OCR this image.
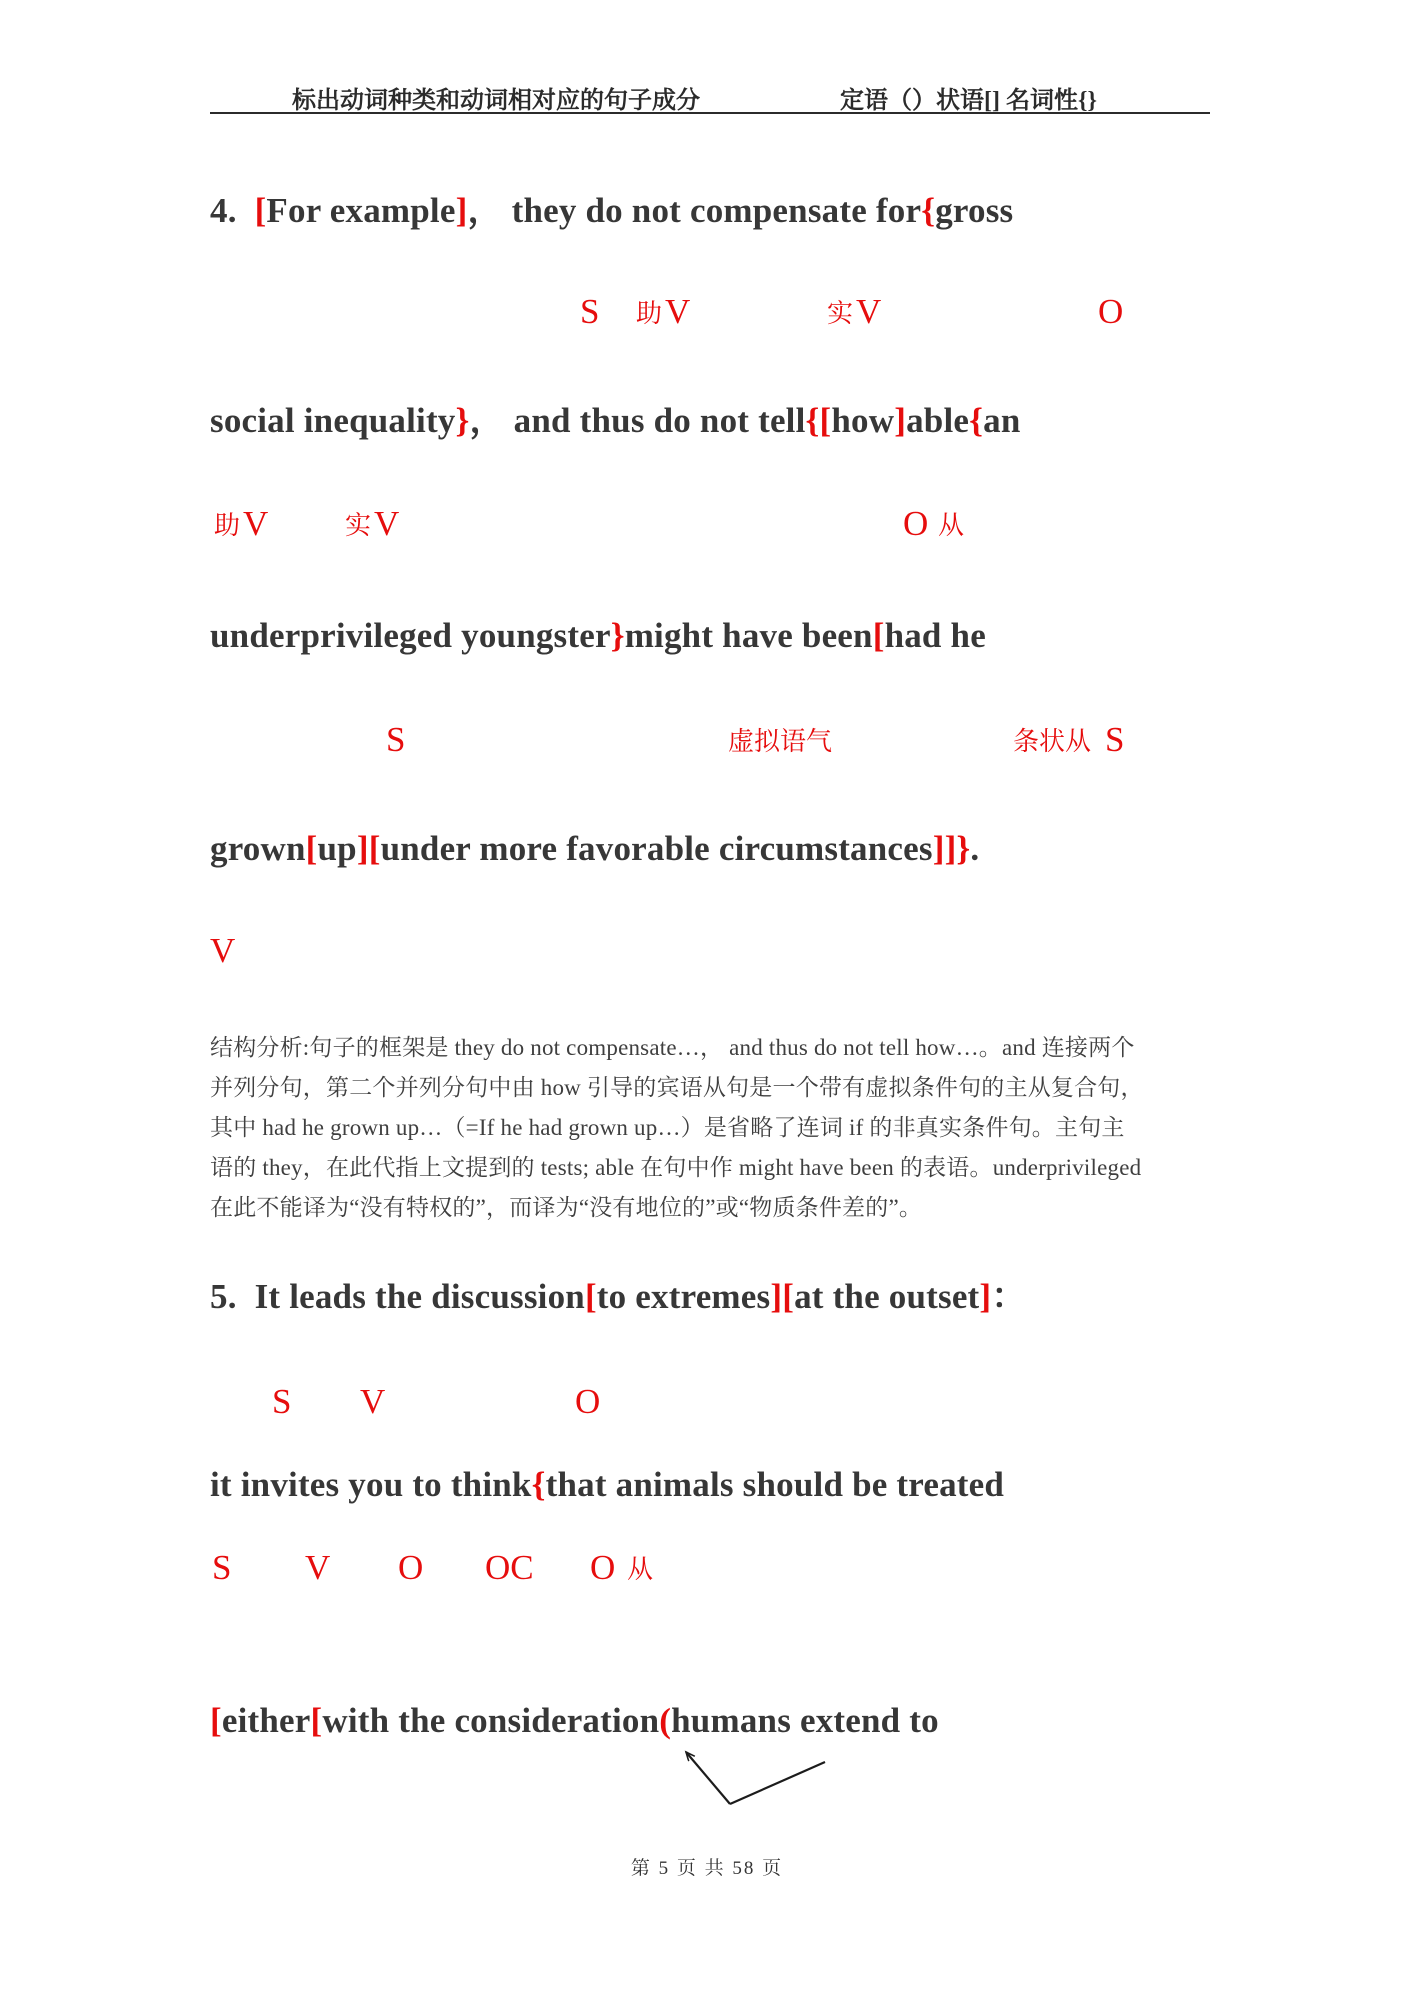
标出动词种类和动词相对应的句子成分	定语（）状语[] 名词性{}
4.  [For example]， they do not compensate for{gross
S 助 V	实 V	O
social inequality}， and thus do not tell{[how]able{an
助 V	实 V	O 从
underprivileged youngster}might have been[had he
S	虚拟语气	条状从 S
grown[up][under more favorable circumstances]]}.
V
结构分析:句子的框架是 they do not compensate…， and thus do not tell how…。and 连接两个
并列分句，第二个并列分句中由 how 引导的宾语从句是一个带有虚拟条件句的主从复合句，
其中 had he grown up…（=If he had grown up…）是省略了连词 if 的非真实条件句。主句主
语的 they，在此代指上文提到的 tests; able 在句中作 might have been 的表语。underprivileged
在此不能译为“没有特权的”，而译为“没有地位的”或“物质条件差的”。
5.  It leads the discussion[to extremes][at the outset]：
S V	O
it invites you to think{that animals should be treated
S V O OC O 从
[either[with the consideration(humans extend to
第 5 页 共 58 页
